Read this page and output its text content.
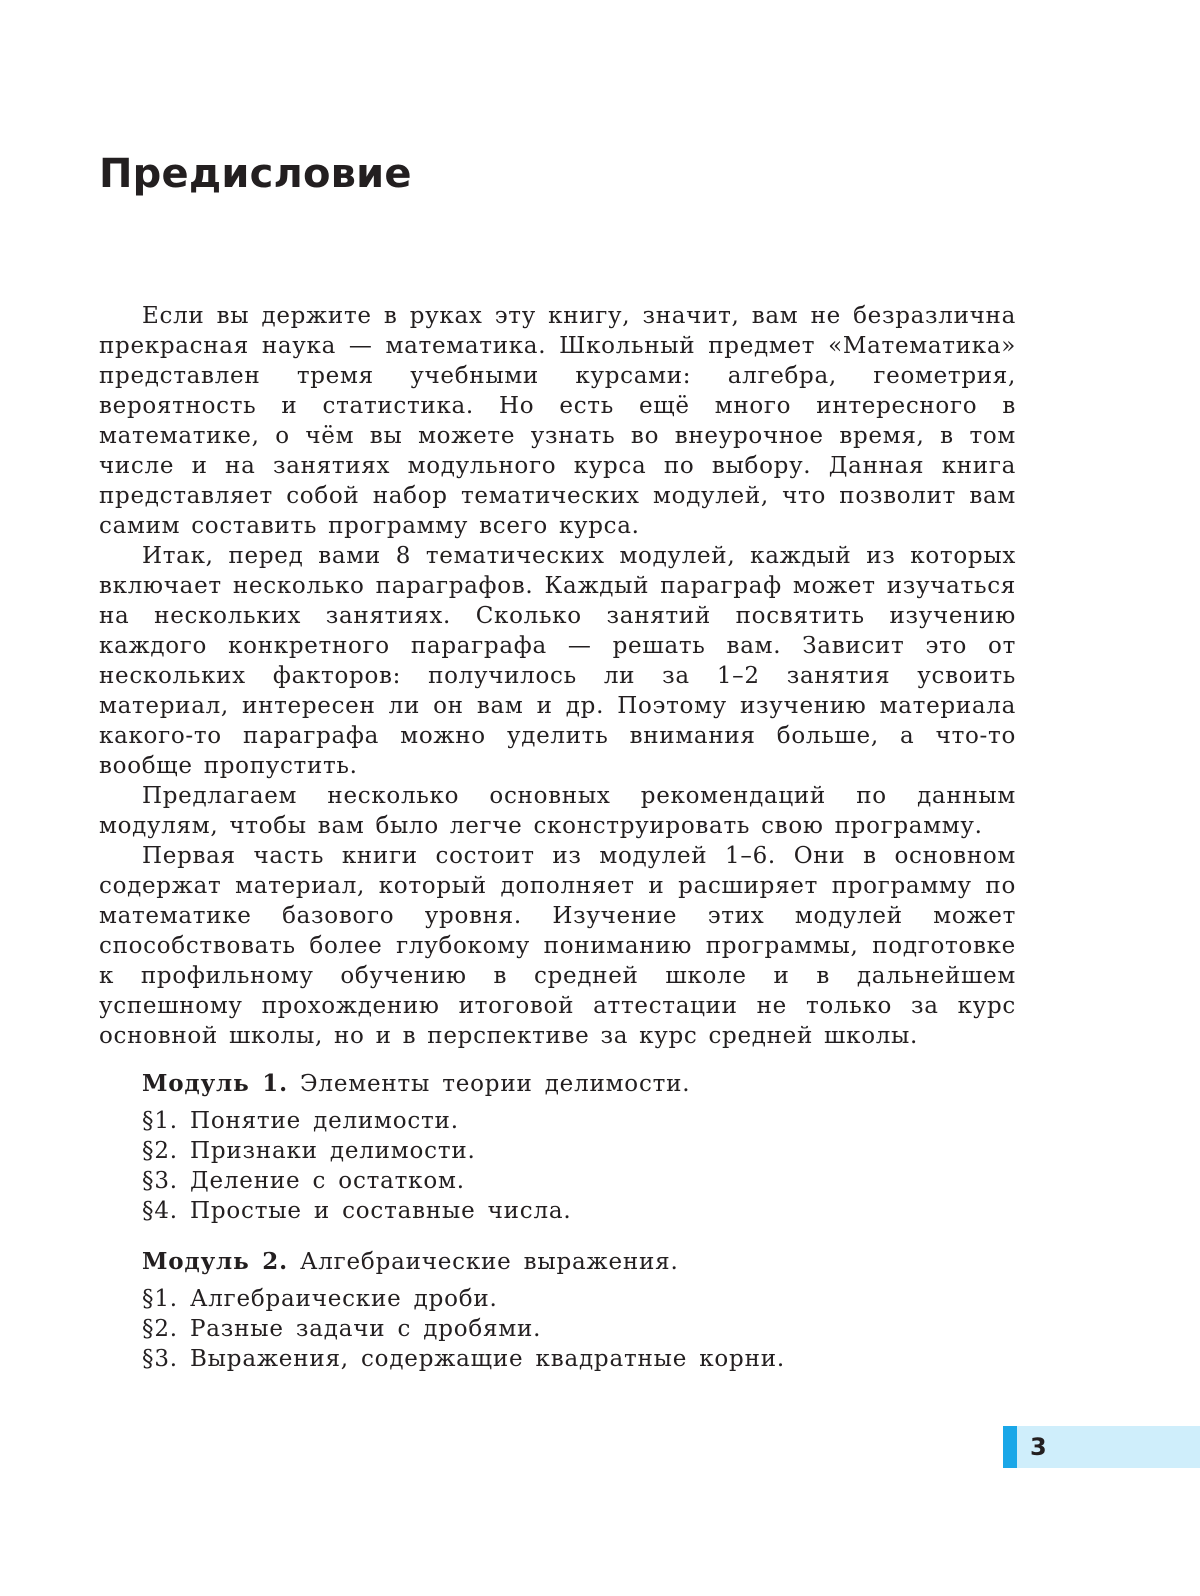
Предисловие

Если вы держите в руках эту книгу, значит, вам не безразлична прекрасная наука — математика. Школьный предмет «Математика» представлен тремя учебными курсами: алгебра, геометрия, вероятность и статистика. Но есть ещё много интересного в математике, о чём вы можете узнать во внеурочное время, в том числе и на занятиях модульного курса по выбору. Данная книга представляет собой набор тематических модулей, что позволит вам самим составить программу всего курса.

Итак, перед вами 8 тематических модулей, каждый из которых включает несколько параграфов. Каждый параграф может изучаться на нескольких занятиях. Сколько занятий посвятить изучению каждого конкретного параграфа — решать вам. Зависит это от нескольких факторов: получилось ли за 1–2 занятия усвоить материал, интересен ли он вам и др. Поэтому изучению материала какого-то параграфа можно уделить внимания больше, а что-то вообще пропустить.

Предлагаем несколько основных рекомендаций по данным модулям, чтобы вам было легче сконструировать свою программу.

Первая часть книги состоит из модулей 1–6. Они в основном содержат материал, который дополняет и расширяет программу по математике базового уровня. Изучение этих модулей может способствовать более глубокому пониманию программы, подготовке к профильному обучению в средней школе и в дальнейшем успешному прохождению итоговой аттестации не только за курс основной школы, но и в перспективе за курс средней школы.

Модуль 1. Элементы теории делимости.

§1. Понятие делимости.

§2. Признаки делимости.

§3. Деление с остатком.

§4. Простые и составные числа.

Модуль 2. Алгебраические выражения.

§1. Алгебраические дроби.

§2. Разные задачи с дробями.

§3. Выражения, содержащие квадратные корни.

3
